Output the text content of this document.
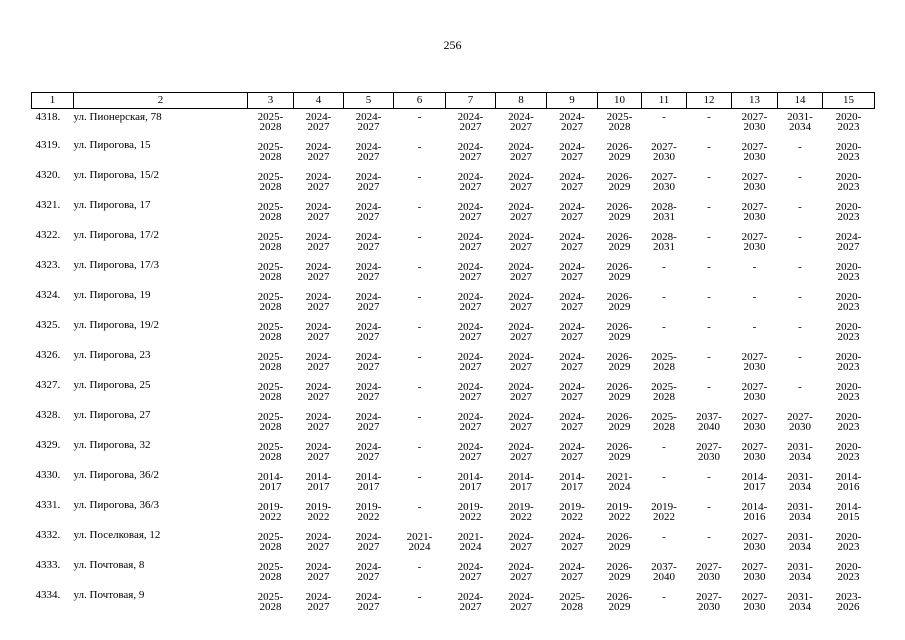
256
1	2	3	4	5	6	7	8	9	10	11	12	13	14	15
4318.	ул. Пионерская, 78	2025-
2028	2024-
2027	2024-
2027	-	2024-
2027	2024-
2027	2024-
2027	2025-
2028	-	-	2027-
2030	2031-
2034	2020-
2023

4319.	ул. Пирогова, 15	2025-
2028	2024-
2027	2024-
2027	-	2024-
2027	2024-
2027	2024-
2027	2026-
2029	2027-
2030	-	2027-
2030	-	2020-
2023

4320.	ул. Пирогова, 15/2	2025-
2028	2024-
2027	2024-
2027	-	2024-
2027	2024-
2027	2024-
2027	2026-
2029	2027-
2030	-	2027-
2030	-	2020-
2023

4321.	ул. Пирогова, 17	2025-
2028	2024-
2027	2024-
2027	-	2024-
2027	2024-
2027	2024-
2027	2026-
2029	2028-
2031	-	2027-
2030	-	2020-
2023

4322.	ул. Пирогова, 17/2	2025-
2028	2024-
2027	2024-
2027	-	2024-
2027	2024-
2027	2024-
2027	2026-
2029	2028-
2031	-	2027-
2030	-	2024-
2027

4323.	ул. Пирогова, 17/3	2025-
2028	2024-
2027	2024-
2027	-	2024-
2027	2024-
2027	2024-
2027	2026-
2029	-	-	-	-	2020-
2023

4324.	ул. Пирогова, 19	2025-
2028	2024-
2027	2024-
2027	-	2024-
2027	2024-
2027	2024-
2027	2026-
2029	-	-	-	-	2020-
2023

4325.	ул. Пирогова, 19/2	2025-
2028	2024-
2027	2024-
2027	-	2024-
2027	2024-
2027	2024-
2027	2026-
2029	-	-	-	-	2020-
2023

4326.	ул. Пирогова, 23	2025-
2028	2024-
2027	2024-
2027	-	2024-
2027	2024-
2027	2024-
2027	2026-
2029	2025-
2028	-	2027-
2030	-	2020-
2023

4327.	ул. Пирогова, 25	2025-
2028	2024-
2027	2024-
2027	-	2024-
2027	2024-
2027	2024-
2027	2026-
2029	2025-
2028	-	2027-
2030	-	2020-
2023

4328.	ул. Пирогова, 27	2025-
2028	2024-
2027	2024-
2027	-	2024-
2027	2024-
2027	2024-
2027	2026-
2029	2025-
2028	2037-
2040	2027-
2030	2027-
2030	2020-
2023

4329.	ул. Пирогова, 32	2025-
2028	2024-
2027	2024-
2027	-	2024-
2027	2024-
2027	2024-
2027	2026-
2029	-	2027-
2030	2027-
2030	2031-
2034	2020-
2023

4330.	ул. Пирогова, 36/2	2014-
2017	2014-
2017	2014-
2017	-	2014-
2017	2014-
2017	2014-
2017	2021-
2024	-	-	2014-
2017	2031-
2034	2014-
2016

4331.	ул. Пирогова, 36/3	2019-
2022	2019-
2022	2019-
2022	-	2019-
2022	2019-
2022	2019-
2022	2019-
2022	2019-
2022	-	2014-
2016	2031-
2034	2014-
2015

4332.	ул. Поселковая, 12	2025-
2028	2024-
2027	2024-
2027	2021-
2024	2021-
2024	2024-
2027	2024-
2027	2026-
2029	-	-	2027-
2030	2031-
2034	2020-
2023

4333.	ул. Почтовая, 8	2025-
2028	2024-
2027	2024-
2027	-	2024-
2027	2024-
2027	2024-
2027	2026-
2029	2037-
2040	2027-
2030	2027-
2030	2031-
2034	2020-
2023

4334.	ул. Почтовая, 9	2025-
2028	2024-
2027	2024-
2027	-	2024-
2027	2024-
2027	2025-
2028	2026-
2029	-	2027-
2030	2027-
2030	2031-
2034	2023-
2026
